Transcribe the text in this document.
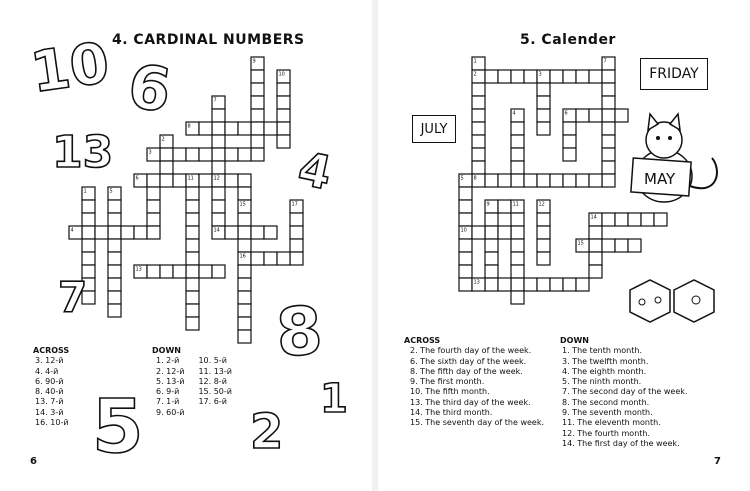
4. CARDINAL NUMBERS
9
10
7
8
2
3
6	11	12
1	5
15	17
4	14
16
13
10 6
13	4
7	8
5 2
1
ACROSS
3. 12-й
4. 4-й
6. 90-й
8. 40-й
13. 7-й
14. 3-й
16. 10-й
DOWN
1. 2-й
2. 12-й
5. 13-й
6. 9-й
7. 1-й
9. 60-й
10. 5-й
11. 13-й
12. 8-й
15. 50-й
17. 6-й
6
5. Calender
1	7
2	3
4	6
5 8
9	11	12
10
14
15
13
MAY
JULY
FRIDAY
ACROSS
2. The fourth day of the week.
6. The sixth day of the week.
8. The fifth day of the week.
9. The first month.
10. The fifth month.
13. The third day of the week.
14. The third month.
15. The seventh day of the week.
DOWN
1. The tenth month.
3. The twelfth month.
4. The eighth month.
5. The ninth month.
7. The second day of the week.
8. The second month.
9. The seventh month.
11. The eleventh month.
12. The fourth month.
14. The first day of the week.
7
